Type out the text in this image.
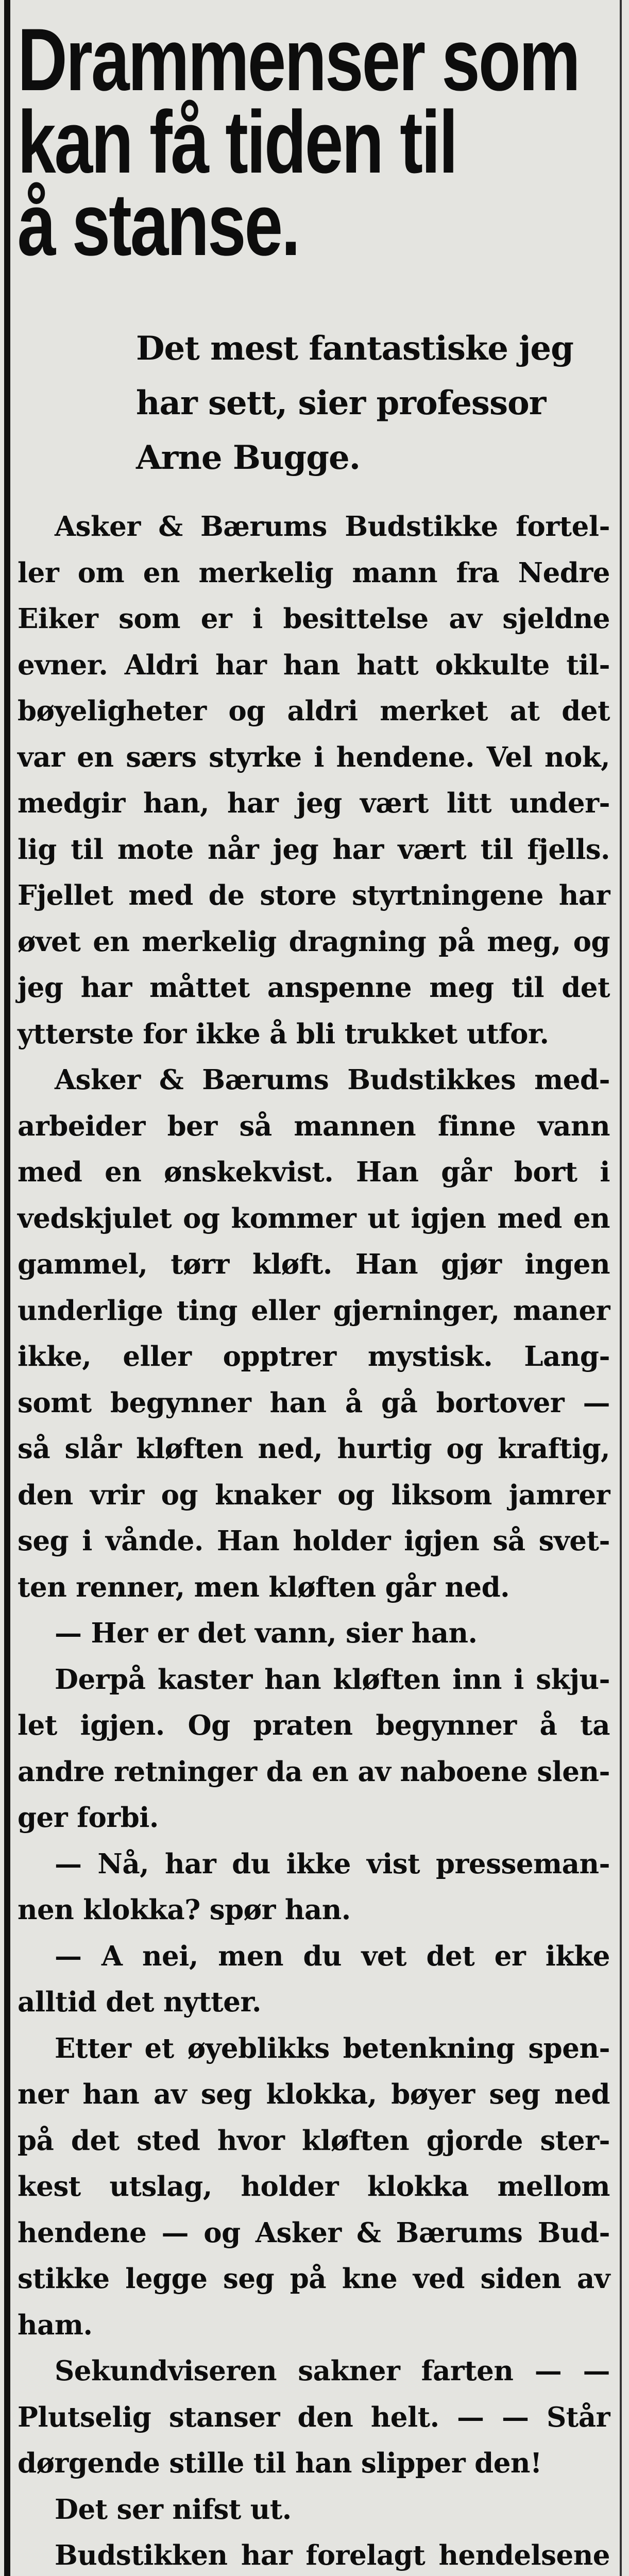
Drammenser som
kan få tiden til
å stanse.
Det mest fantastiske jeg
har sett, sier professor
Arne Bugge.
Asker & Bærums Budstikke fortel-
ler om en merkelig mann fra Nedre
Eiker som er i besittelse av sjeldne
evner. Aldri har han hatt okkulte til-
bøyeligheter og aldri merket at det
var en særs styrke i hendene. Vel nok,
medgir han, har jeg vært litt under-
lig til mote når jeg har vært til fjells.
Fjellet med de store styrtningene har
øvet en merkelig dragning på meg, og
jeg har måttet anspenne meg til det
ytterste for ikke å bli trukket utfor.
Asker & Bærums Budstikkes med-
arbeider ber så mannen finne vann
med en ønskekvist. Han går bort i
vedskjulet og kommer ut igjen med en
gammel, tørr kløft. Han gjør ingen
underlige ting eller gjerninger, maner
ikke, eller opptrer mystisk. Lang-
somt begynner han å gå bortover —
så slår kløften ned, hurtig og kraftig,
den vrir og knaker og liksom jamrer
seg i vånde. Han holder igjen så svet-
ten renner, men kløften går ned.
— Her er det vann, sier han.
Derpå kaster han kløften inn i skju-
let igjen. Og praten begynner å ta
andre retninger da en av naboene slen-
ger forbi.
— Nå, har du ikke vist presseman-
nen klokka? spør han.
— A nei, men du vet det er ikke
alltid det nytter.
Etter et øyeblikks betenkning spen-
ner han av seg klokka, bøyer seg ned
på det sted hvor kløften gjorde ster-
kest utslag, holder klokka mellom
hendene — og Asker & Bærums Bud-
stikke legge seg på kne ved siden av
ham.
Sekundviseren sakner farten — —
Plutselig stanser den helt. — — Står
dørgende stille til han slipper den!
Det ser nifst ut.
Budstikken har forelagt hendelsene
